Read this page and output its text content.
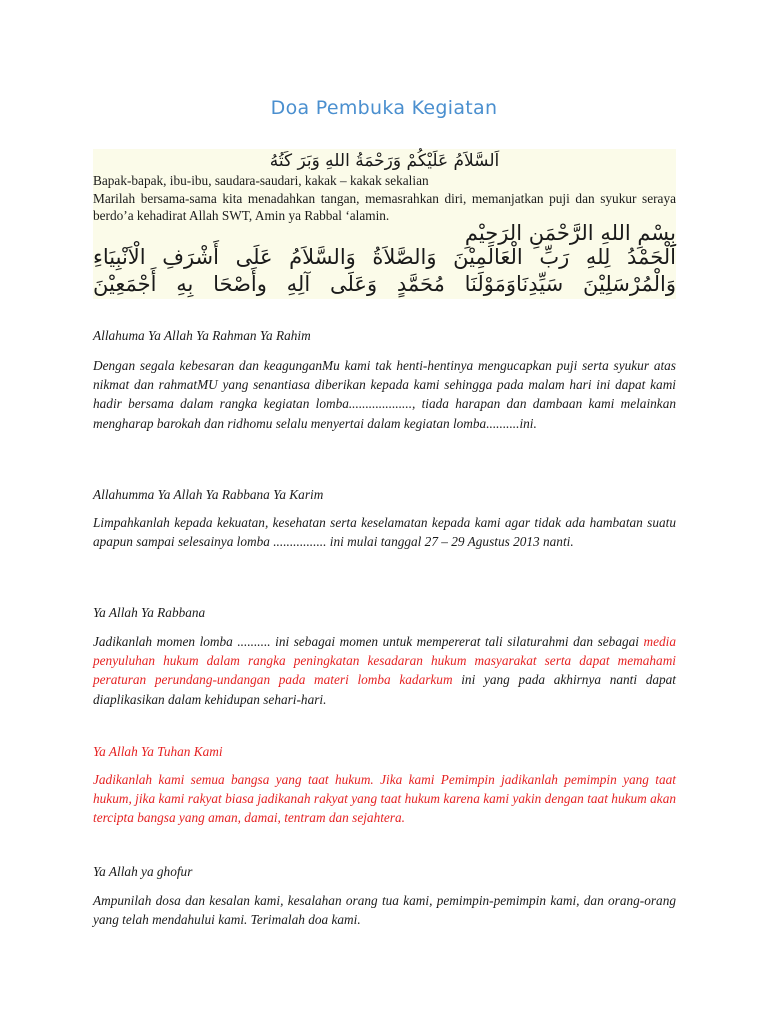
Doa Pembuka Kegiatan
اَلسَّلاَمُ عَلَيْكُمْ وَرَحْمَةُ اللهِ وَبَرَ كَتُهُ

Bapak-bapak, ibu-ibu, saudara-saudari, kakak – kakak sekalian

Marilah bersama-sama kita menadahkan tangan, memasrahkan diri, memanjatkan puji dan syukur seraya berdo’a kehadirat Allah SWT, Amin ya Rabbal ‘alamin.

بِسْمِ اللهِ الرَّحْمَنِ الرَحِيْمِ
اَلْحَمْدُ لِلهِ رَبِّ الْعَالَمِيْنَ وَالصَّلاَةُ وَالسَّلاَمُ عَلَى أَشْرَفِ الْاَنْبِيَاءِ وَالْمُرْسَلِيْنَ سَيِّدِنَاوَمَوْلَنَا مُحَمَّدٍ وَعَلَى آلِهِ وأَصْحَا بِهِ أَجْمَعِيْنَ
Allahuma Ya Allah Ya Rahman Ya Rahim
Dengan segala kebesaran dan keagunganMu kami tak henti-hentinya mengucapkan puji serta syukur atas nikmat dan rahmatMU yang senantiasa diberikan kepada kami sehingga pada malam hari ini dapat kami hadir bersama dalam rangka kegiatan lomba..................., tiada harapan dan dambaan kami melainkan mengharap barokah dan ridhomu selalu menyertai dalam kegiatan lomba..........ini.
Allahumma Ya Allah Ya Rabbana Ya Karim
Limpahkanlah kepada kekuatan, kesehatan serta keselamatan kepada kami agar tidak ada hambatan suatu apapun sampai selesainya lomba ................ ini mulai tanggal 27 – 29 Agustus 2013 nanti.
Ya Allah Ya Rabbana
Jadikanlah momen lomba .......... ini sebagai momen untuk mempererat tali silaturahmi dan sebagai media penyuluhan hukum dalam rangka peningkatan kesadaran hukum masyarakat serta dapat memahami peraturan perundang-undangan pada materi lomba kadarkum ini yang pada akhirnya nanti dapat diaplikasikan dalam kehidupan sehari-hari.
Ya Allah Ya Tuhan Kami
Jadikanlah kami semua bangsa yang taat hukum. Jika kami Pemimpin jadikanlah pemimpin yang taat hukum, jika kami rakyat biasa jadikanah rakyat yang taat hukum karena kami yakin dengan taat hukum akan tercipta bangsa yang aman, damai, tentram dan sejahtera.
Ya Allah ya ghofur
Ampunilah dosa dan kesalan kami, kesalahan orang tua kami, pemimpin-pemimpin kami, dan orang-orang yang telah mendahului kami. Terimalah doa kami.
